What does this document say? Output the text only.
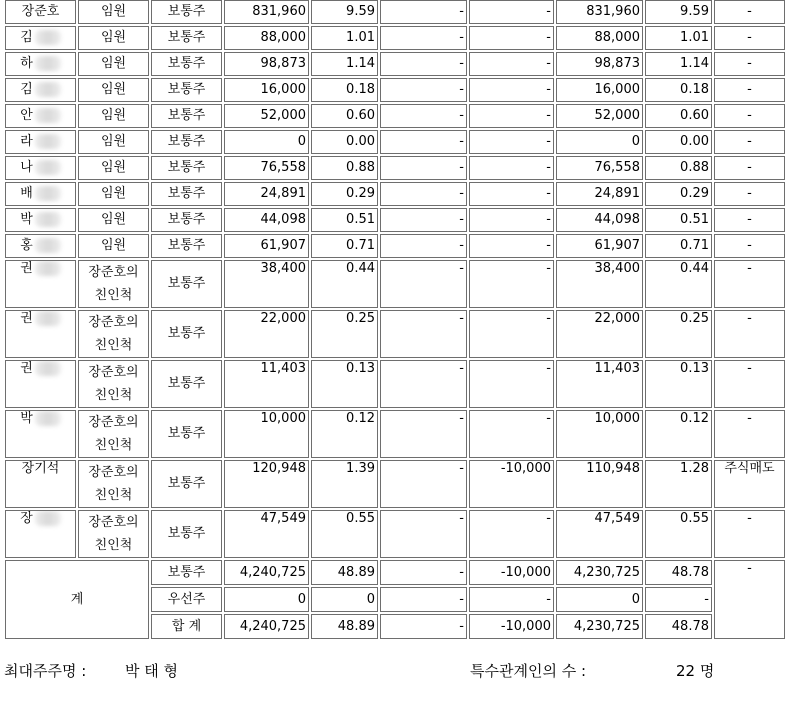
장준호	임원	보통주	831,960	9.59	-	-	831,960	9.59	-
김	임원	보통주	88,000	1.01	-	-	88,000	1.01	-
하	임원	보통주	98,873	1.14	-	-	98,873	1.14	-
김	임원	보통주	16,000	0.18	-	-	16,000	0.18	-
안	임원	보통주	52,000	0.60	-	-	52,000	0.60	-
라	임원	보통주	0	0.00	-	-	0	0.00	-
나	임원	보통주	76,558	0.88	-	-	76,558	0.88	-
배	임원	보통주	24,891	0.29	-	-	24,891	0.29	-
박	임원	보통주	44,098	0.51	-	-	44,098	0.51	-
홍	임원	보통주	61,907	0.71	-	-	61,907	0.71	-
권	장준호의 친인척	보통주	38,400	0.44	-	-	38,400	0.44	-
권	장준호의 친인척	보통주	22,000	0.25	-	-	22,000	0.25	-
권	장준호의 친인척	보통주	11,403	0.13	-	-	11,403	0.13	-
박	장준호의 친인척	보통주	10,000	0.12	-	-	10,000	0.12	-
장기석	장준호의 친인척	보통주	120,948	1.39	-	-10,000	110,948	1.28	주식매도
장	장준호의 친인척	보통주	47,549	0.55	-	-	47,549	0.55	-
계		보통주	4,240,725	48.89	-	-10,000	4,230,725	48.78	-
		우선주	0	0	-	-	0	-	
		합 계	4,240,725	48.89	-	-10,000	4,230,725	48.78	
최대주주명 :	박 태 형	특수관계인의 수 :	22 명
